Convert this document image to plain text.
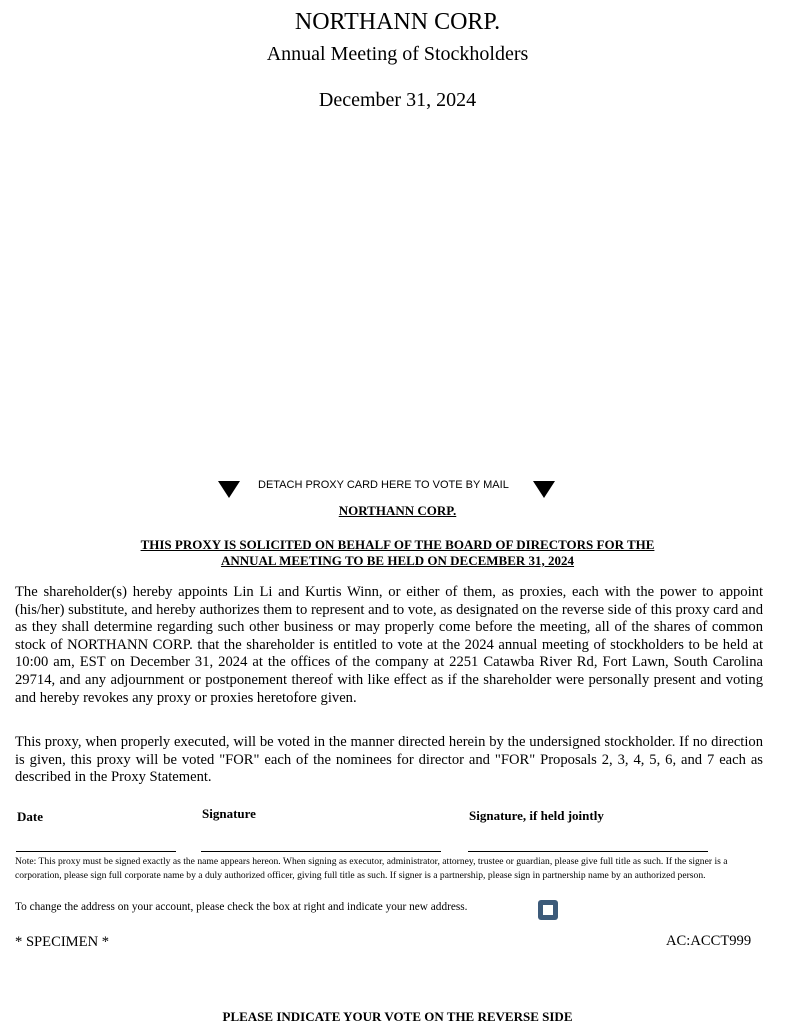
NORTHANN CORP.
Annual Meeting of Stockholders
December 31, 2024
DETACH PROXY CARD HERE TO VOTE BY MAIL
NORTHANN CORP.
THIS PROXY IS SOLICITED ON BEHALF OF THE BOARD OF DIRECTORS FOR THE
ANNUAL MEETING TO BE HELD ON DECEMBER 31, 2024
The shareholder(s) hereby appoints Lin Li and Kurtis Winn, or either of them, as proxies, each with the power to appoint (his/her) substitute, and hereby authorizes them to represent and to vote, as designated on the reverse side of this proxy card and as they shall determine regarding such other business or may properly come before the meeting, all of the shares of common stock of NORTHANN CORP. that the shareholder is entitled to vote at the 2024 annual meeting of stockholders to be held at 10:00 am, EST on December 31, 2024 at the offices of the company at 2251 Catawba River Rd, Fort Lawn, South Carolina 29714, and any adjournment or postponement thereof with like effect as if the shareholder were personally present and voting and hereby revokes any proxy or proxies heretofore given.
This proxy, when properly executed, will be voted in the manner directed herein by the undersigned stockholder. If no direction is given, this proxy will be voted "FOR" each of the nominees for director and "FOR" Proposals 2, 3, 4, 5, 6, and 7 each as described in the Proxy Statement.
Date	Signature	Signature, if held jointly
Note: This proxy must be signed exactly as the name appears hereon. When signing as executor, administrator, attorney, trustee or guardian, please give full title as such. If the signer is a corporation, please sign full corporate name by a duly authorized officer, giving full title as such. If signer is a partnership, please sign in partnership name by an authorized person.
To change the address on your account, please check the box at right and indicate your new address.
* SPECIMEN *	AC:ACCT999
PLEASE INDICATE YOUR VOTE ON THE REVERSE SIDE
